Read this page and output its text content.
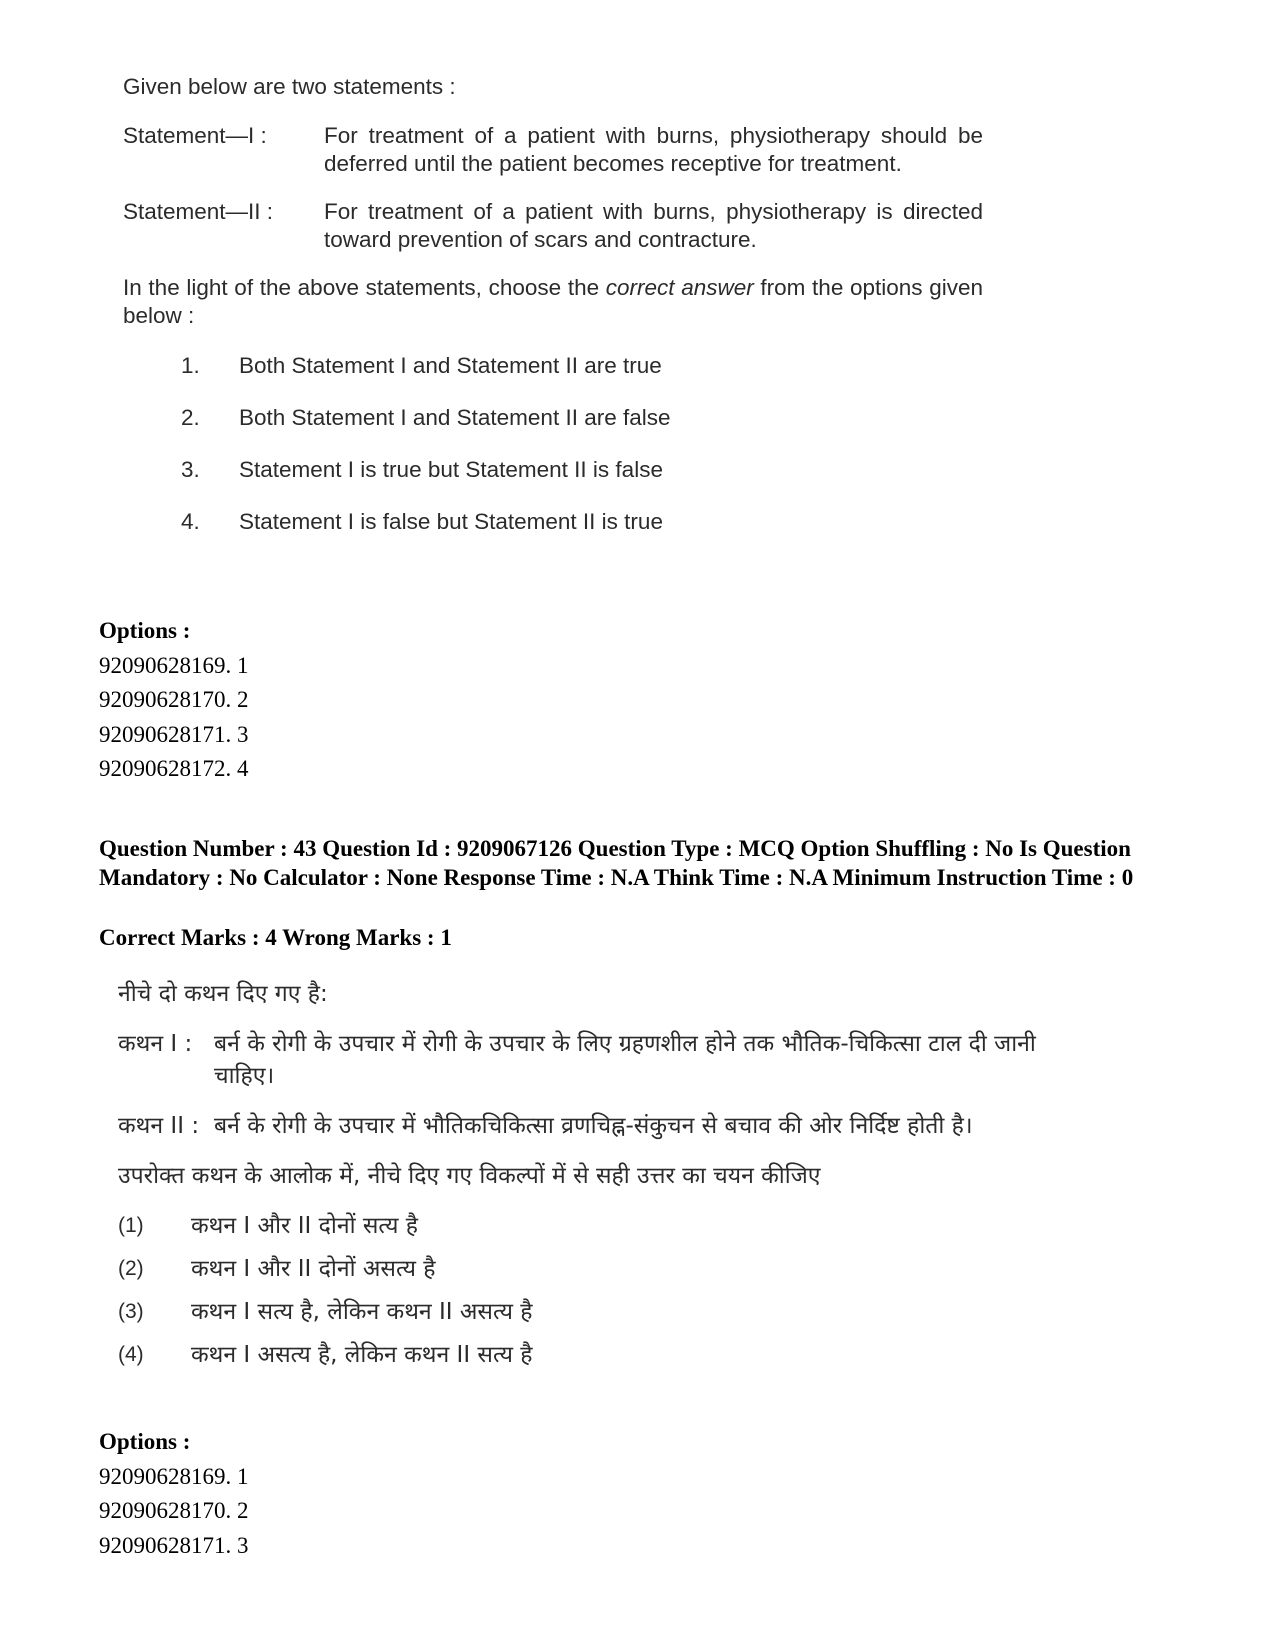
Given below are two statements :

Statement—I :	For treatment of a patient with burns, physiotherapy should be deferred until the patient becomes receptive for treatment.
Statement—II :	For treatment of a patient with burns, physiotherapy is directed toward prevention of scars and contracture.

In the light of the above statements, choose the correct answer from the options given below :

1.	Both Statement I and Statement II are true
2.	Both Statement I and Statement II are false
3.	Statement I is true but Statement II is false
4.	Statement I is false but Statement II is true
Options :
92090628169. 1
92090628170. 2
92090628171. 3
92090628172. 4
Question Number : 43 Question Id : 9209067126 Question Type : MCQ Option Shuffling : No Is Question Mandatory : No Calculator : None Response Time : N.A Think Time : N.A Minimum Instruction Time : 0
Correct Marks : 4 Wrong Marks : 1
नीचे दो कथन दिए गए है:
कथन I : बर्न के रोगी के उपचार में रोगी के उपचार के लिए ग्रहणशील होने तक भौतिक-चिकित्सा टाल दी जानी चाहिए।
कथन II : बर्न के रोगी के उपचार में भौतिकचिकित्सा व्रणचिह्न-संकुचन से बचाव की ओर निर्दिष्ट होती है।
उपरोक्त कथन के आलोक में, नीचे दिए गए विकल्पों में से सही उत्तर का चयन कीजिए
(1)	कथन I और II दोनों सत्य है
(2)	कथन I और II दोनों असत्य है
(3)	कथन I सत्य है, लेकिन कथन II असत्य है
(4)	कथन I असत्य है, लेकिन कथन II सत्य है
Options :
92090628169. 1
92090628170. 2
92090628171. 3
